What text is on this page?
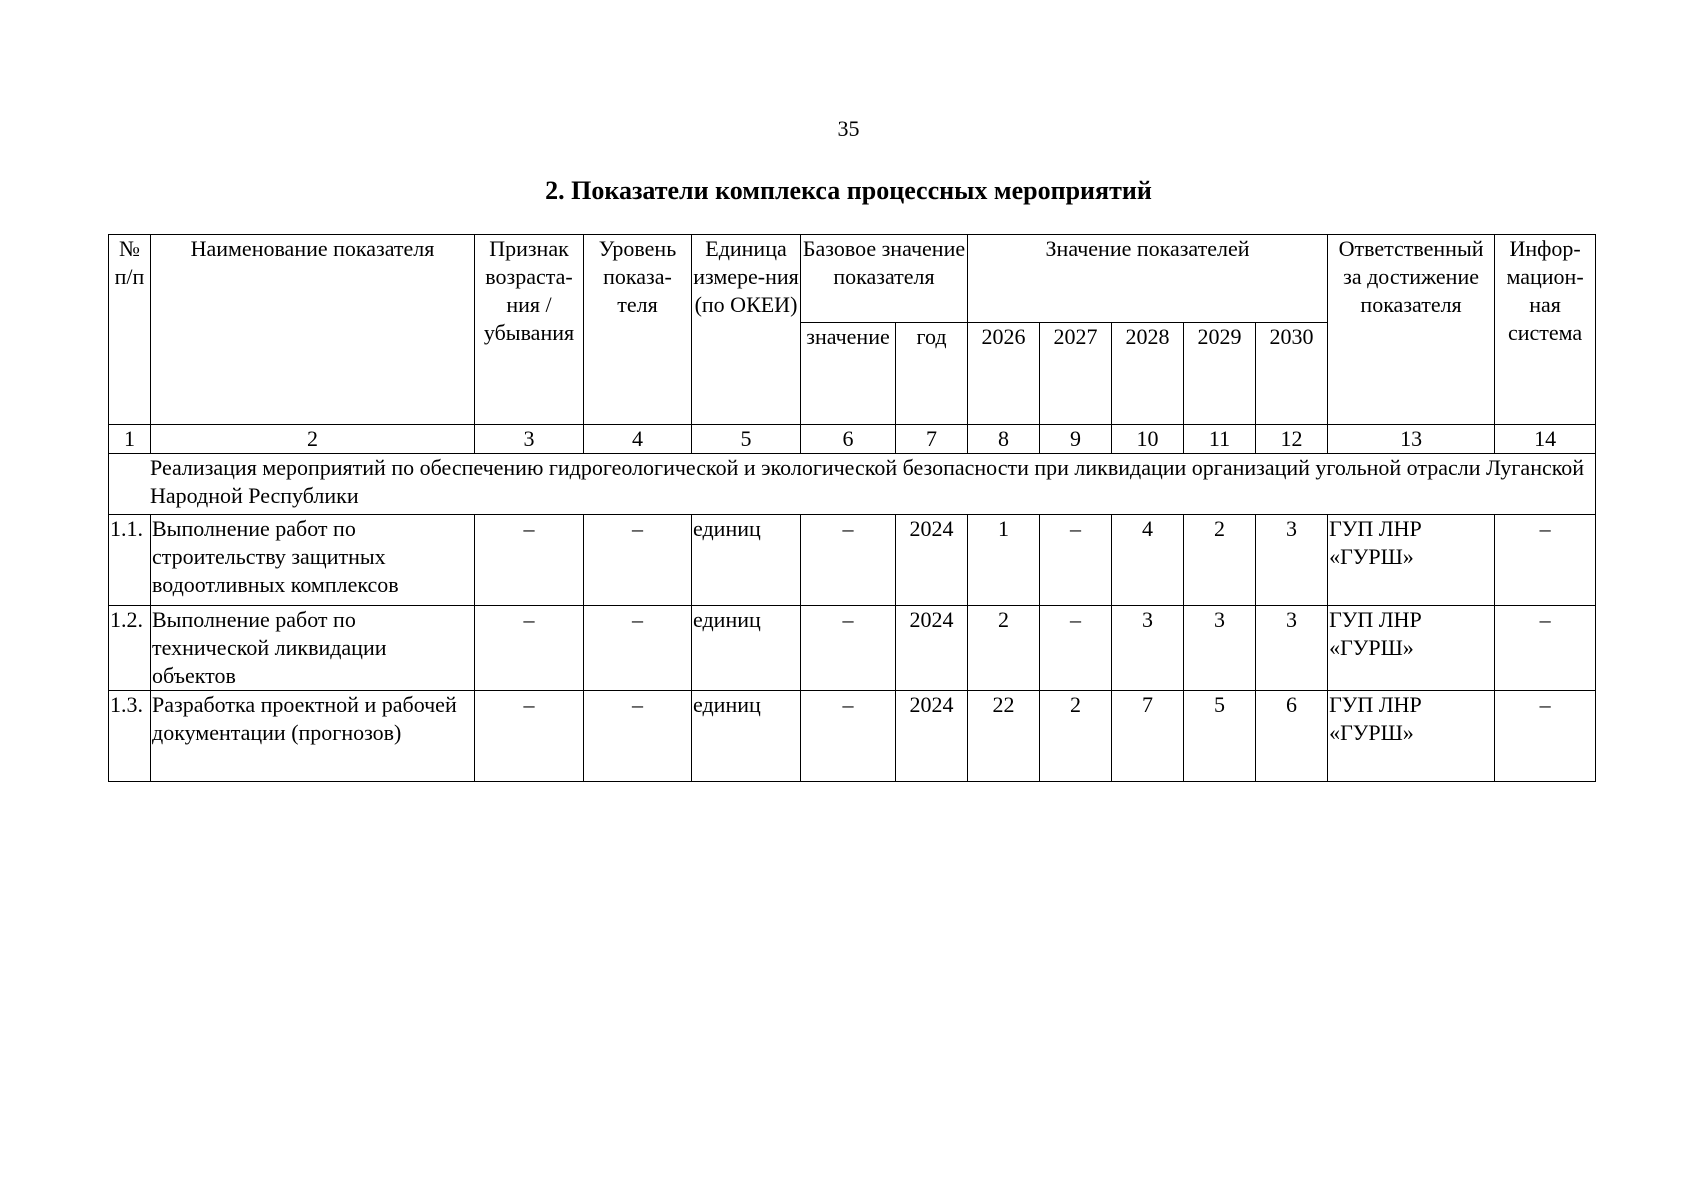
35
2. Показатели комплекса процессных мероприятий
№ п/п	Наименование показателя	Признак возраста-ния / убывания	Уровень показа-теля	Единица измере-ния (по ОКЕИ)	Базовое значение показателя		Значение показателей					Ответственный за достижение показателя	Инфор-мацион-ная система
					значение	год	2026	2027	2028	2029	2030		
1	2	3	4	5	6	7	8	9	10	11	12	13	14
Реализация мероприятий по обеспечению гидрогеологической и экологической безопасности при ликвидации организаций угольной отрасли Луганской Народной Республики													
1.1.	Выполнение работ по строительству защитных водоотливных комплексов	–	–	единиц	–	2024	1	–	4	2	3	ГУП ЛНР «ГУРШ»	–
1.2.	Выполнение работ по технической ликвидации объектов	–	–	единиц	–	2024	2	–	3	3	3	ГУП ЛНР «ГУРШ»	–
1.3.	Разработка проектной и рабочей документации (прогнозов)	–	–	единиц	–	2024	22	2	7	5	6	ГУП ЛНР «ГУРШ»	–
